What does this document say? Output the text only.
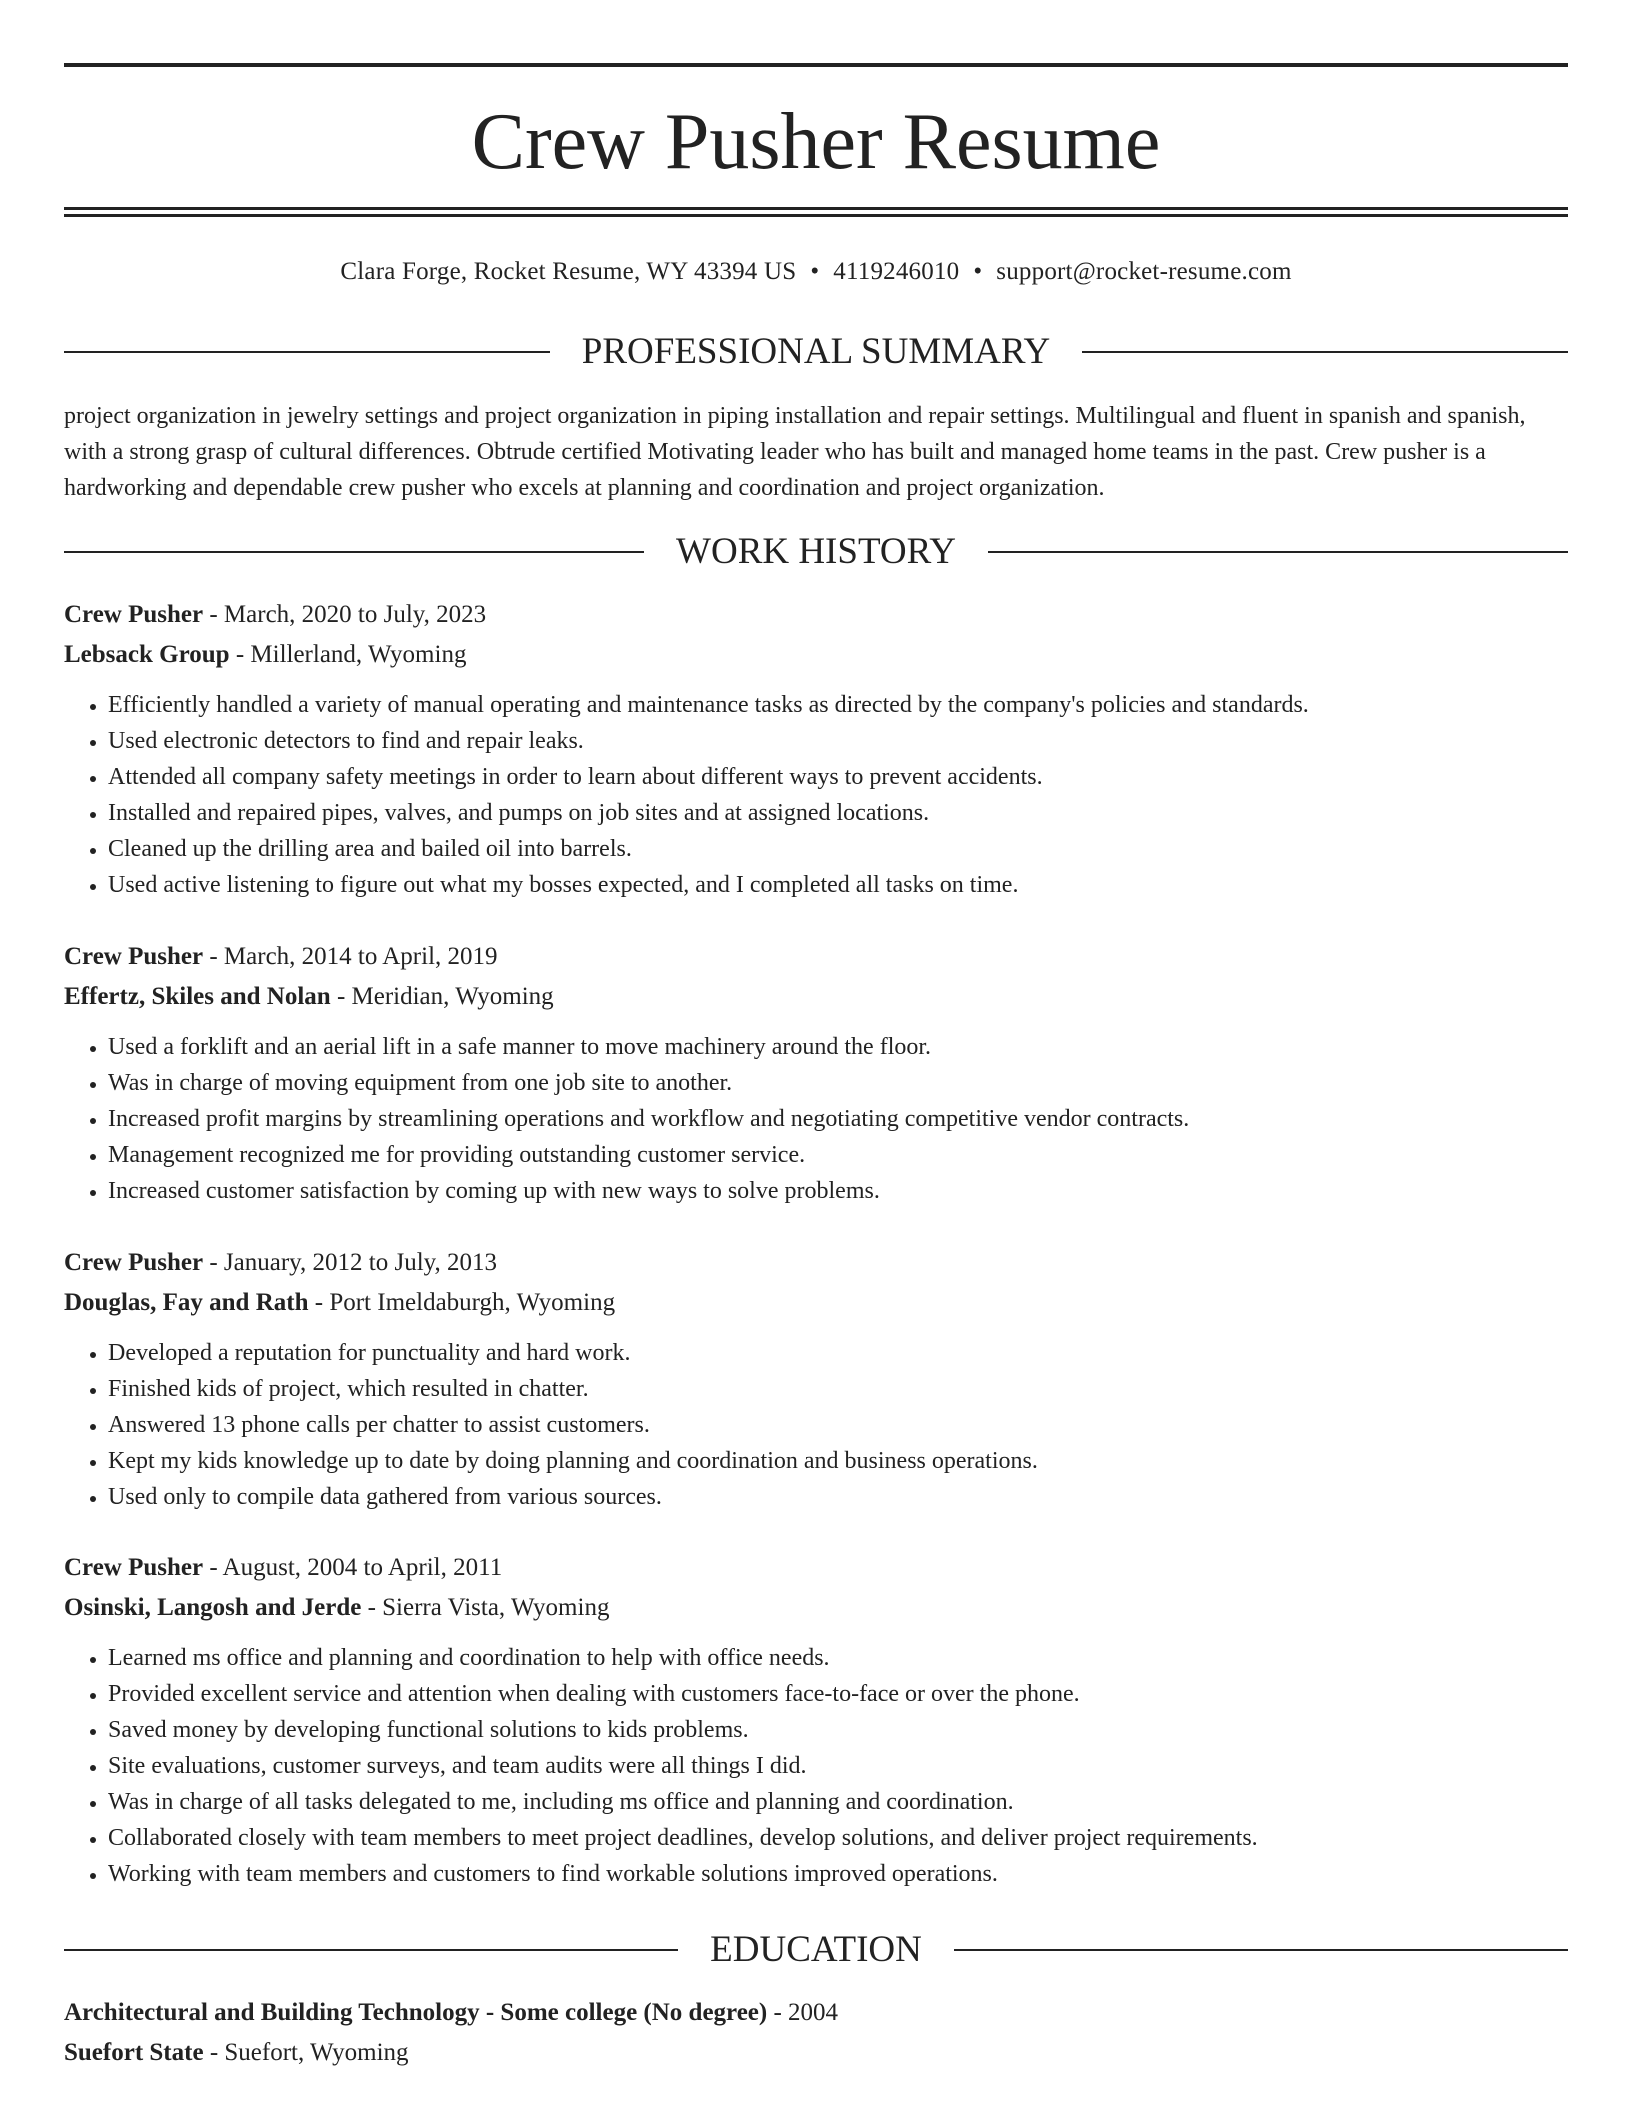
Crew Pusher Resume
Clara Forge, Rocket Resume, WY 43394 US • 4119246010 • support@rocket-resume.com
PROFESSIONAL SUMMARY

project organization in jewelry settings and project organization in piping installation and repair settings. Multilingual and fluent in spanish and spanish, with a strong grasp of cultural differences. Obtrude certified Motivating leader who has built and managed home teams in the past. Crew pusher is a hardworking and dependable crew pusher who excels at planning and coordination and project organization.

WORK HISTORY

Crew Pusher - March, 2020 to July, 2023

Lebsack Group - Millerland, Wyoming

• Efficiently handled a variety of manual operating and maintenance tasks as directed by the company's policies and standards.
• Used electronic detectors to find and repair leaks.
• Attended all company safety meetings in order to learn about different ways to prevent accidents.
• Installed and repaired pipes, valves, and pumps on job sites and at assigned locations.
• Cleaned up the drilling area and bailed oil into barrels.
• Used active listening to figure out what my bosses expected, and I completed all tasks on time.

Crew Pusher - March, 2014 to April, 2019

Effertz, Skiles and Nolan - Meridian, Wyoming

• Used a forklift and an aerial lift in a safe manner to move machinery around the floor.
• Was in charge of moving equipment from one job site to another.
• Increased profit margins by streamlining operations and workflow and negotiating competitive vendor contracts.
• Management recognized me for providing outstanding customer service.
• Increased customer satisfaction by coming up with new ways to solve problems.

Crew Pusher - January, 2012 to July, 2013

Douglas, Fay and Rath - Port Imeldaburgh, Wyoming

• Developed a reputation for punctuality and hard work.
• Finished kids of project, which resulted in chatter.
• Answered 13 phone calls per chatter to assist customers.
• Kept my kids knowledge up to date by doing planning and coordination and business operations.
• Used only to compile data gathered from various sources.

Crew Pusher - August, 2004 to April, 2011

Osinski, Langosh and Jerde - Sierra Vista, Wyoming

• Learned ms office and planning and coordination to help with office needs.
• Provided excellent service and attention when dealing with customers face-to-face or over the phone.
• Saved money by developing functional solutions to kids problems.
• Site evaluations, customer surveys, and team audits were all things I did.
• Was in charge of all tasks delegated to me, including ms office and planning and coordination.
• Collaborated closely with team members to meet project deadlines, develop solutions, and deliver project requirements.
• Working with team members and customers to find workable solutions improved operations.
EDUCATION

Architectural and Building Technology - Some college (No degree) - 2004

Suefort State - Suefort, Wyoming
